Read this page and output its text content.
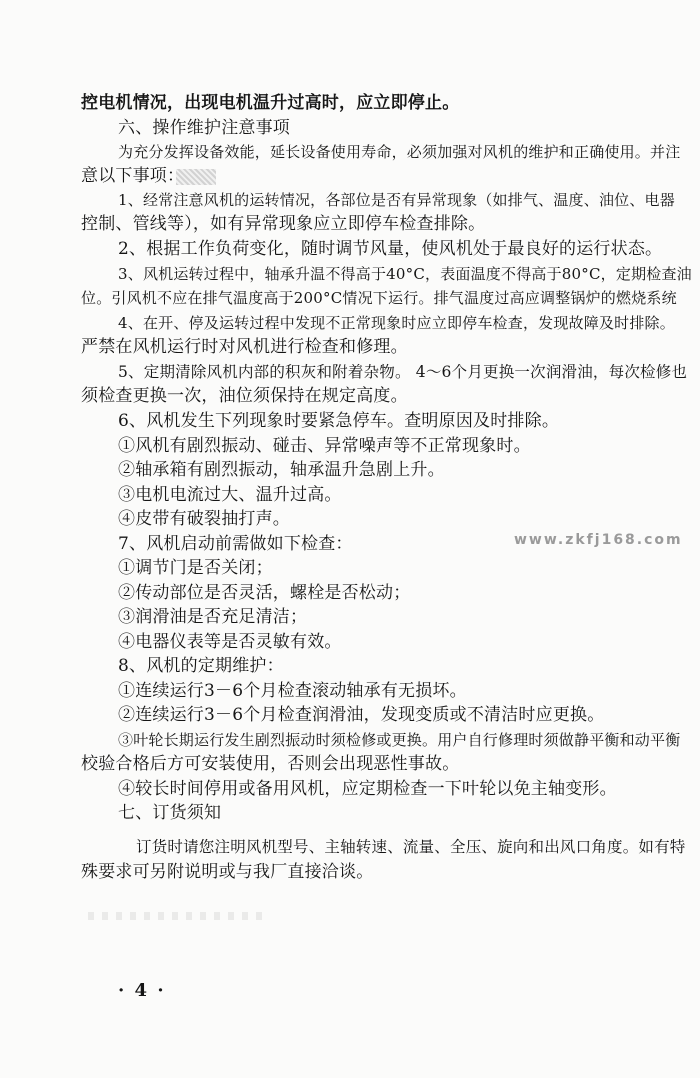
控电机情况，出现电机温升过高时，应立即停止。
六、操作维护注意事项
为充分发挥设备效能，延长设备使用寿命，必须加强对风机的维护和正确使用。并注
意以下事项：
1、经常注意风机的运转情况，各部位是否有异常现象（如排气、温度、油位、电器
控制、管线等），如有异常现象应立即停车检查排除。
2、根据工作负荷变化，随时调节风量，使风机处于最良好的运行状态。
3、风机运转过程中，轴承升温不得高于40°C，表面温度不得高于80°C，定期检查油
位。引风机不应在排气温度高于200°C情况下运行。排气温度过高应调整锅炉的燃烧系统
4、在开、停及运转过程中发现不正常现象时应立即停车检查，发现故障及时排除。
严禁在风机运行时对风机进行检查和修理。
5、定期清除风机内部的积灰和附着杂物。 4～6个月更换一次润滑油，每次检修也
须检查更换一次，油位须保持在规定高度。
6、风机发生下列现象时要紧急停车。查明原因及时排除。
①风机有剧烈振动、碰击、异常噪声等不正常现象时。
②轴承箱有剧烈振动，轴承温升急剧上升。
③电机电流过大、温升过高。
④皮带有破裂抽打声。
7、风机启动前需做如下检查：
①调节门是否关闭；
②传动部位是否灵活，螺栓是否松动；
③润滑油是否充足清洁；
④电器仪表等是否灵敏有效。
8、风机的定期维护：
①连续运行3－6个月检查滚动轴承有无损坏。
②连续运行3－6个月检查润滑油，发现变质或不清洁时应更换。
③叶轮长期运行发生剧烈振动时须检修或更换。用户自行修理时须做静平衡和动平衡
校验合格后方可安装使用，否则会出现恶性事故。
④较长时间停用或备用风机，应定期检查一下叶轮以免主轴变形。
七、订货须知
订货时请您注明风机型号、主轴转速、流量、全压、旋向和出风口角度。如有特
殊要求可另附说明或与我厂直接洽谈。
www.zkfj168.com
· 4 ·
